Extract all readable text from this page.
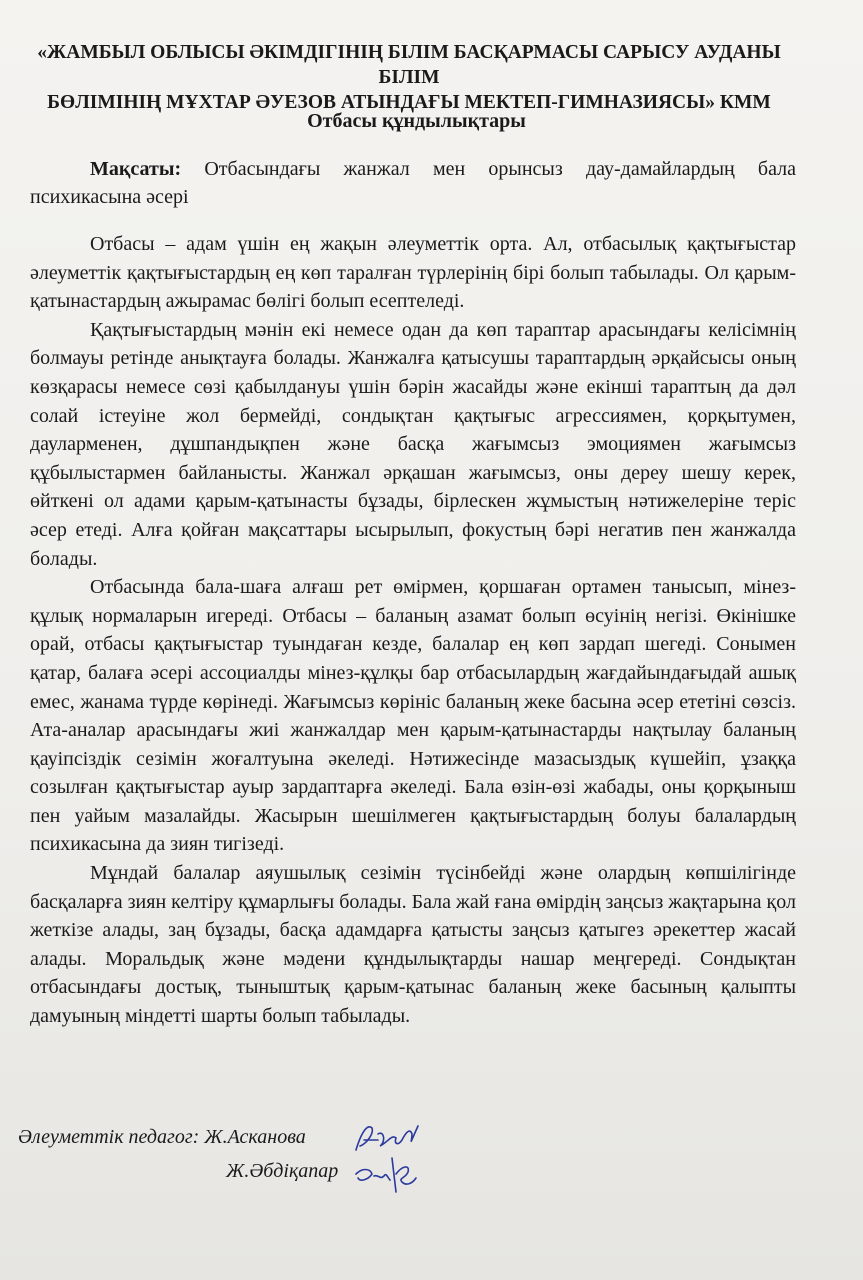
«ЖАМБЫЛ ОБЛЫСЫ ӘКІМДІГІНІҢ БІЛІМ БАСҚАРМАСЫ САРЫСУ АУДАНЫ БІЛІМ
БӨЛІМІНІҢ МҰХТАР ӘУЕЗОВ АТЫНДАҒЫ МЕКТЕП-ГИМНАЗИЯСЫ» КММ
Отбасы құндылықтары
Мақсаты: Отбасындағы жанжал мен орынсыз дау-дамайлардың бала психикасына әсері

Отбасы – адам үшін ең жақын әлеуметтік орта. Ал, отбасылық қақтығыстар әлеуметтік қақтығыстардың ең көп таралған түрлерінің бірі болып табылады. Ол қарым-қатынастардың ажырамас бөлігі болып есептеледі.

Қақтығыстардың мәнін екі немесе одан да көп тараптар арасындағы келісімнің болмауы ретінде анықтауға болады. Жанжалға қатысушы тараптардың әрқайсысы оның көзқарасы немесе сөзі қабылдануы үшін бәрін жасайды және екінші тараптың да дәл солай істеуіне жол бермейді, сондықтан қақтығыс агрессиямен, қорқытумен, дауларменен, дұшпандықпен және басқа жағымсыз эмоциямен жағымсыз құбылыстармен байланысты. Жанжал әрқашан жағымсыз, оны дереу шешу керек, өйткені ол адами қарым-қатынасты бұзады, бірлескен жұмыстың нәтижелеріне теріс әсер етеді. Алға қойған мақсаттары ысырылып, фокустың бәрі негатив пен жанжалда болады.

Отбасында бала-шаға алғаш рет өмірмен, қоршаған ортамен танысып, мінез-құлық нормаларын игереді. Отбасы – баланың азамат болып өсуінің негізі. Өкінішке орай, отбасы қақтығыстар туындаған кезде, балалар ең көп зардап шегеді. Сонымен қатар, балаға әсері ассоциалды мінез-құлқы бар отбасылардың жағдайындағыдай ашық емес, жанама түрде көрінеді. Жағымсыз көрініс баланың жеке басына әсер ететіні сөзсіз. Ата-аналар арасындағы жиі жанжалдар мен қарым-қатынастарды нақтылау баланың қауіпсіздік сезімін жоғалтуына әкеледі. Нәтижесінде мазасыздық күшейіп, ұзаққа созылған қақтығыстар ауыр зардаптарға әкеледі. Бала өзін-өзі жабады, оны қорқыныш пен уайым мазалайды. Жасырын шешілмеген қақтығыстардың болуы балалардың психикасына да зиян тигізеді.

Мұндай балалар аяушылық сезімін түсінбейді және олардың көпшілігінде басқаларға зиян келтіру құмарлығы болады. Бала жай ғана өмірдің заңсыз жақтарына қол жеткізе алады, заң бұзады, басқа адамдарға қатысты заңсыз қатыгез әрекеттер жасай алады. Моральдық және мәдени құндылықтарды нашар меңгереді. Сондықтан отбасындағы достық, тыныштық қарым-қатынас баланың жеке басының қалыпты дамуының міндетті шарты болып табылады.

Әлеуметтік педагог: Ж.Асканова
Ж.Әбдіқапар
